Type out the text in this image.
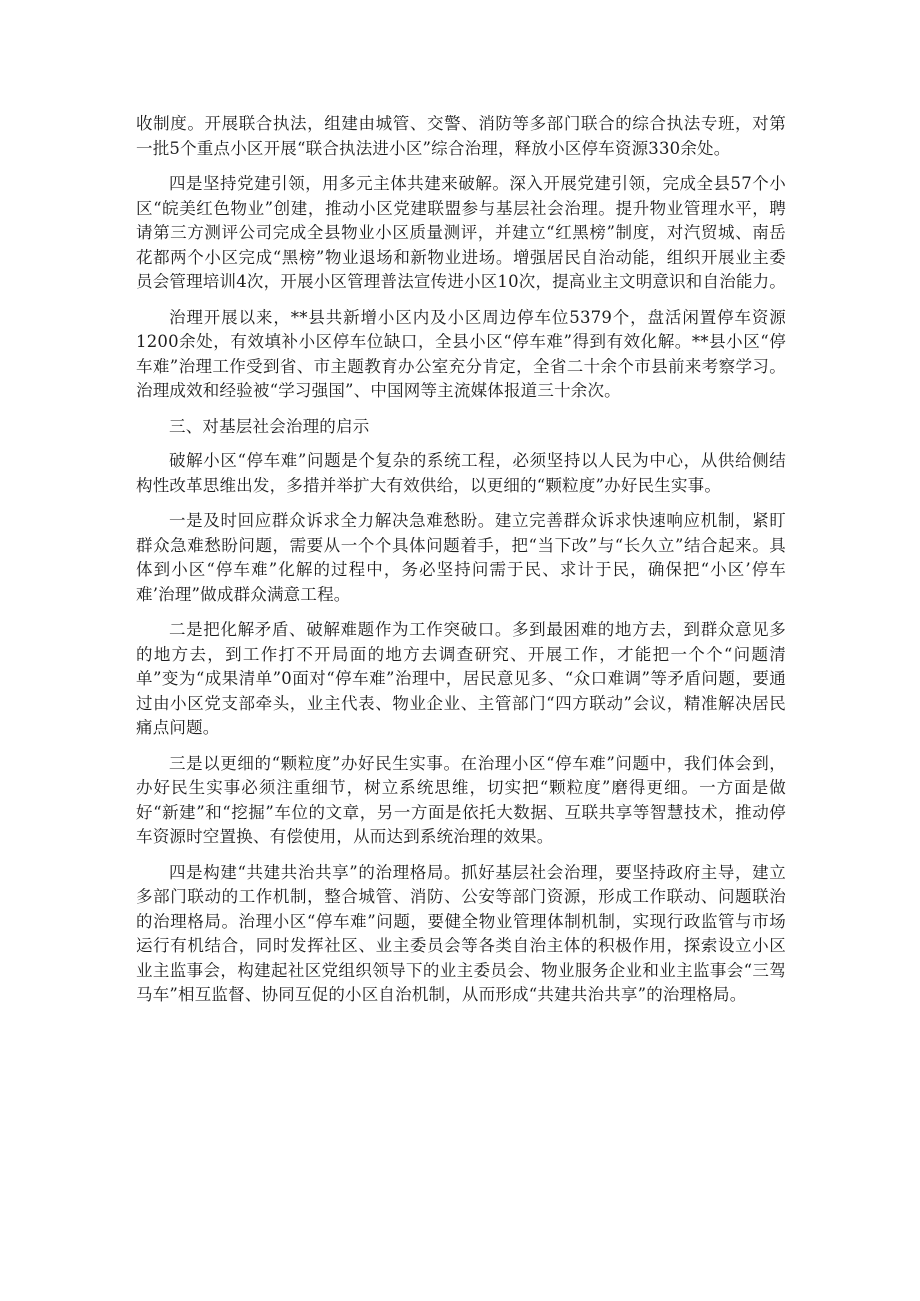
收制度。开展联合执法，组建由城管、交警、消防等多部门联合的综合执法专班，对第一批5个重点小区开展“联合执法进小区”综合治理，释放小区停车资源330余处。

四是坚持党建引领，用多元主体共建来破解。深入开展党建引领，完成全县57个小区“皖美红色物业”创建，推动小区党建联盟参与基层社会治理。提升物业管理水平，聘请第三方测评公司完成全县物业小区质量测评，并建立“红黑榜”制度，对汽贸城、南岳花都两个小区完成“黑榜”物业退场和新物业进场。增强居民自治动能，组织开展业主委员会管理培训4次，开展小区管理普法宣传进小区10次，提高业主文明意识和自治能力。

治理开展以来，**县共新增小区内及小区周边停车位5379个，盘活闲置停车资源1200余处，有效填补小区停车位缺口，全县小区“停车难”得到有效化解。**县小区“停车难”治理工作受到省、市主题教育办公室充分肯定，全省二十余个市县前来考察学习。治理成效和经验被“学习强国”、中国网等主流媒体报道三十余次。

三、对基层社会治理的启示

破解小区“停车难”问题是个复杂的系统工程，必须坚持以人民为中心，从供给侧结构性改革思维出发，多措并举扩大有效供给，以更细的“颗粒度”办好民生实事。

一是及时回应群众诉求全力解决急难愁盼。建立完善群众诉求快速响应机制，紧盯群众急难愁盼问题，需要从一个个具体问题着手，把“当下改”与“长久立”结合起来。具体到小区“停车难”化解的过程中，务必坚持问需于民、求计于民，确保把“小区’停车难’治理”做成群众满意工程。

二是把化解矛盾、破解难题作为工作突破口。多到最困难的地方去，到群众意见多的地方去，到工作打不开局面的地方去调查研究、开展工作，才能把一个个“问题清单”变为“成果清单”0面对“停车难”治理中，居民意见多、“众口难调”等矛盾问题，要通过由小区党支部牵头，业主代表、物业企业、主管部门“四方联动”会议，精准解决居民痛点问题。

三是以更细的“颗粒度”办好民生实事。在治理小区“停车难”问题中，我们体会到，办好民生实事必须注重细节，树立系统思维，切实把“颗粒度”磨得更细。一方面是做好“新建”和“挖掘”车位的文章，另一方面是依托大数据、互联共享等智慧技术，推动停车资源时空置换、有偿使用，从而达到系统治理的效果。

四是构建“共建共治共享”的治理格局。抓好基层社会治理，要坚持政府主导，建立多部门联动的工作机制，整合城管、消防、公安等部门资源，形成工作联动、问题联治的治理格局。治理小区“停车难”问题，要健全物业管理体制机制，实现行政监管与市场运行有机结合，同时发挥社区、业主委员会等各类自治主体的积极作用，探索设立小区业主监事会，构建起社区党组织领导下的业主委员会、物业服务企业和业主监事会“三驾马车”相互监督、协同互促的小区自治机制，从而形成“共建共治共享”的治理格局。
